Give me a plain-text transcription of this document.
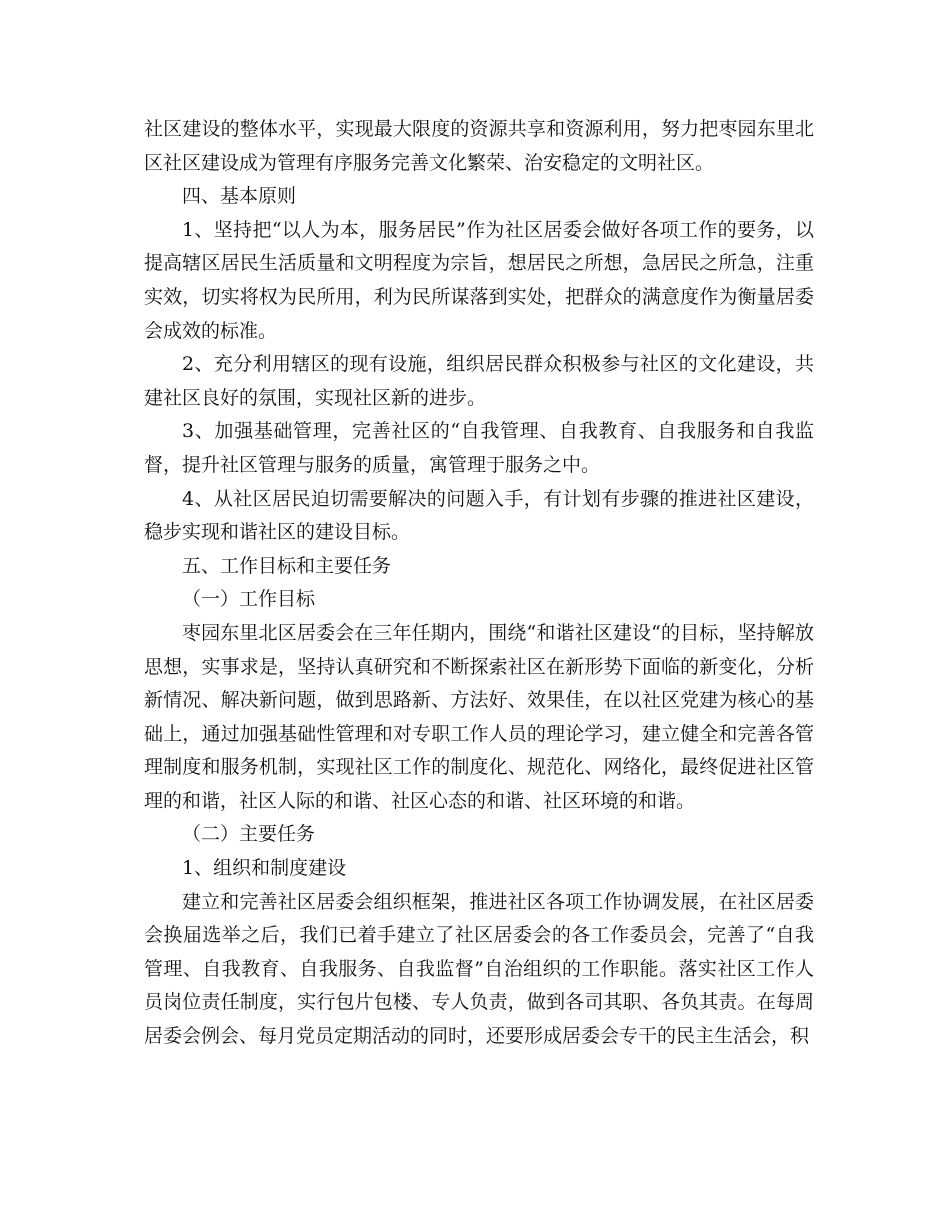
社区建设的整体水平，实现最大限度的资源共享和资源利用，努力把枣园东里北区社区建设成为管理有序服务完善文化繁荣、治安稳定的文明社区。

四、基本原则

1、坚持把“以人为本，服务居民”作为社区居委会做好各项工作的要务，以提高辖区居民生活质量和文明程度为宗旨，想居民之所想，急居民之所急，注重实效，切实将权为民所用，利为民所谋落到实处，把群众的满意度作为衡量居委会成效的标准。

2、充分利用辖区的现有设施，组织居民群众积极参与社区的文化建设，共建社区良好的氛围，实现社区新的进步。

3、加强基础管理，完善社区的“自我管理、自我教育、自我服务和自我监督，提升社区管理与服务的质量，寓管理于服务之中。

4、从社区居民迫切需要解决的问题入手，有计划有步骤的推进社区建设，稳步实现和谐社区的建设目标。

五、工作目标和主要任务

（一）工作目标

枣园东里北区居委会在三年任期内，围绕“和谐社区建设“的目标，坚持解放思想，实事求是，坚持认真研究和不断探索社区在新形势下面临的新变化，分析新情况、解决新问题，做到思路新、方法好、效果佳，在以社区党建为核心的基础上，通过加强基础性管理和对专职工作人员的理论学习，建立健全和完善各管理制度和服务机制，实现社区工作的制度化、规范化、网络化，最终促进社区管理的和谐，社区人际的和谐、社区心态的和谐、社区环境的和谐。

（二）主要任务

1、组织和制度建设

建立和完善社区居委会组织框架，推进社区各项工作协调发展，在社区居委会换届选举之后，我们已着手建立了社区居委会的各工作委员会，完善了“自我管理、自我教育、自我服务、自我监督”自治组织的工作职能。落实社区工作人员岗位责任制度，实行包片包楼、专人负责，做到各司其职、各负其责。在每周居委会例会、每月党员定期活动的同时，还要形成居委会专干的民主生活会，积
